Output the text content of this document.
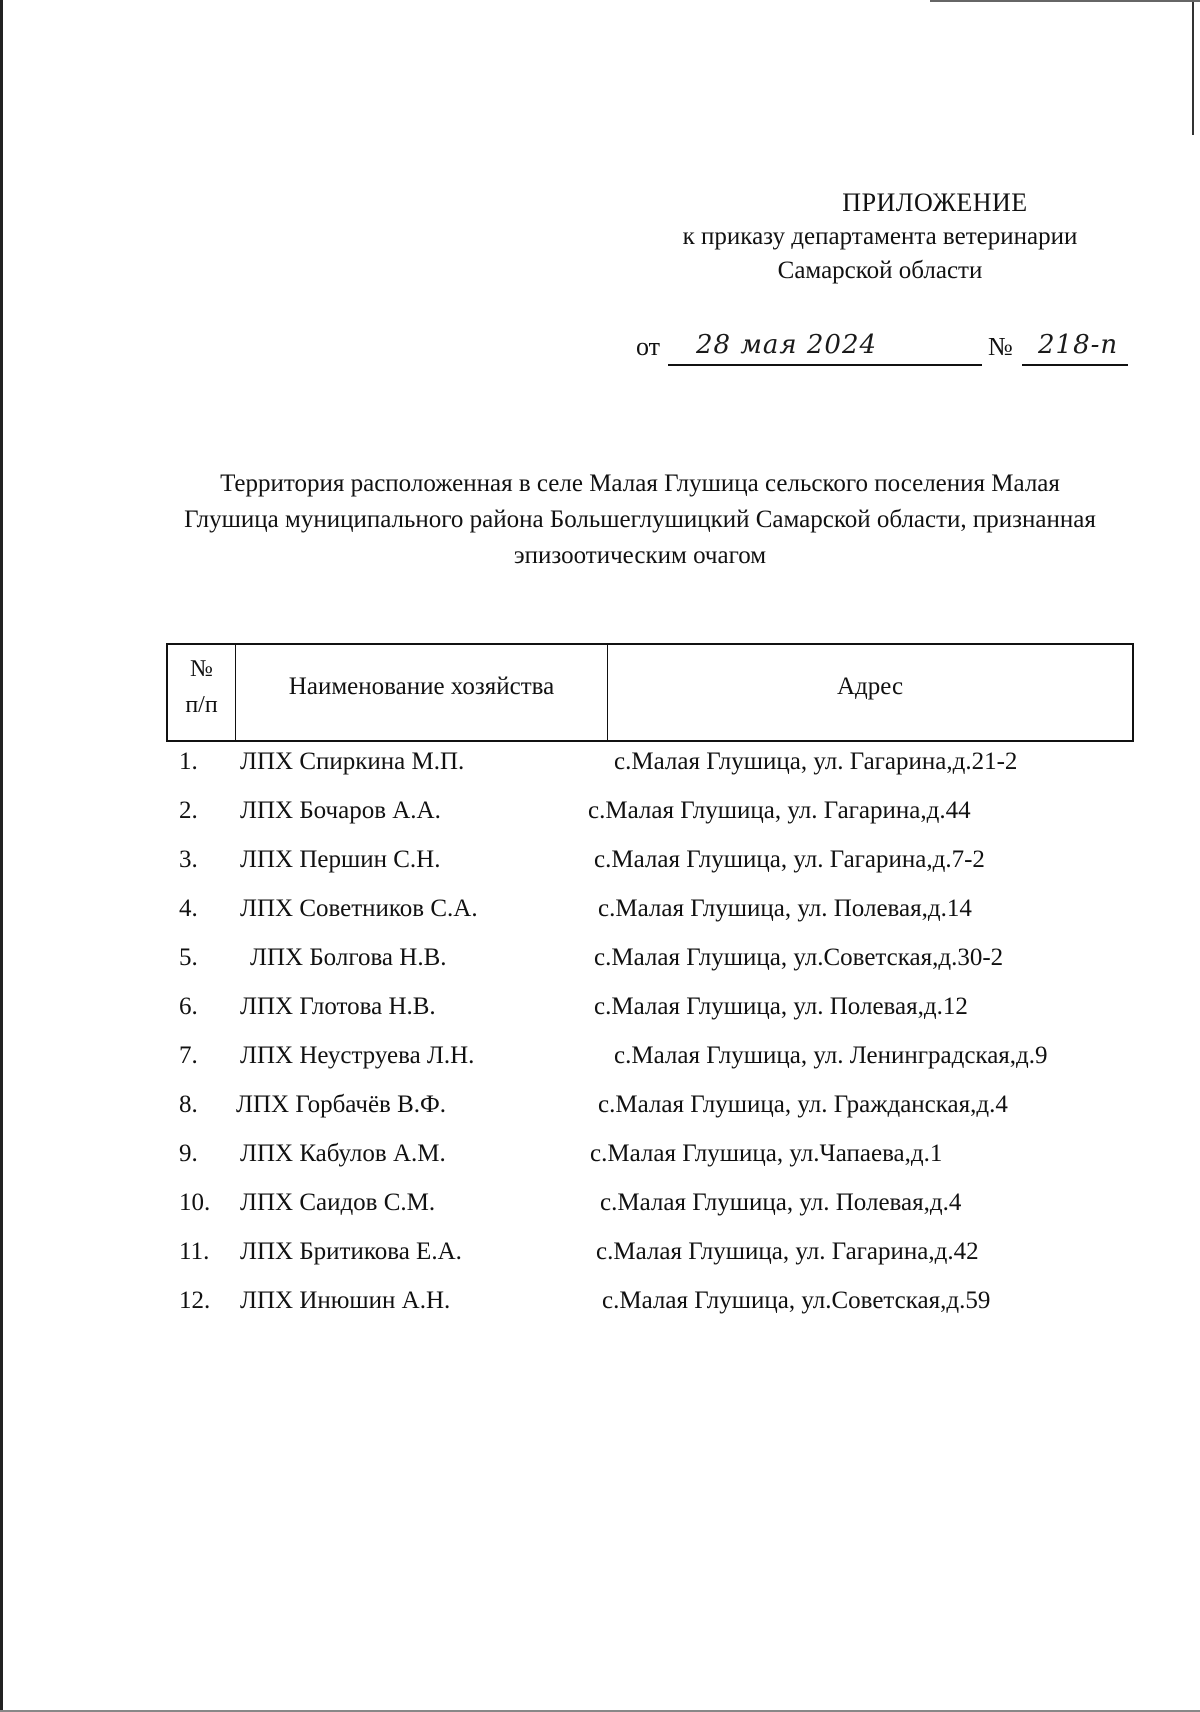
ПРИЛОЖЕНИЕ
к приказу департамента ветеринарии
Самарской области
от 28 мая 2024	№ 218-п
Территория расположенная в селе Малая Глушица сельского поселения Малая Глушица муниципального района Большеглушицкий Самарской области, признанная эпизоотическим очагом
№
п/п
Наименование хозяйства	Адрес
1. ЛПХ Спиркина М.П.	с.Малая Глушица, ул. Гагарина,д.21-2
2. ЛПХ Бочаров А.А.	с.Малая Глушица, ул. Гагарина,д.44
3. ЛПХ Першин С.Н.	с.Малая Глушица, ул. Гагарина,д.7-2
4. ЛПХ Советников С.А.	с.Малая Глушица, ул. Полевая,д.14
5. ЛПХ Болгова Н.В.	с.Малая Глушица, ул.Советская,д.30-2
6. ЛПХ Глотова Н.В.	с.Малая Глушица, ул. Полевая,д.12
7. ЛПХ Неуструева Л.Н.	с.Малая Глушица, ул. Ленинградская,д.9
8. ЛПХ Горбачёв В.Ф.	с.Малая Глушица, ул. Гражданская,д.4
9. ЛПХ Кабулов А.М.	с.Малая Глушица, ул.Чапаева,д.1
10. ЛПХ Саидов С.М.	с.Малая Глушица, ул. Полевая,д.4
11. ЛПХ Бритикова Е.А.	с.Малая Глушица, ул. Гагарина,д.42
12. ЛПХ Инюшин А.Н.	с.Малая Глушица, ул.Советская,д.59
